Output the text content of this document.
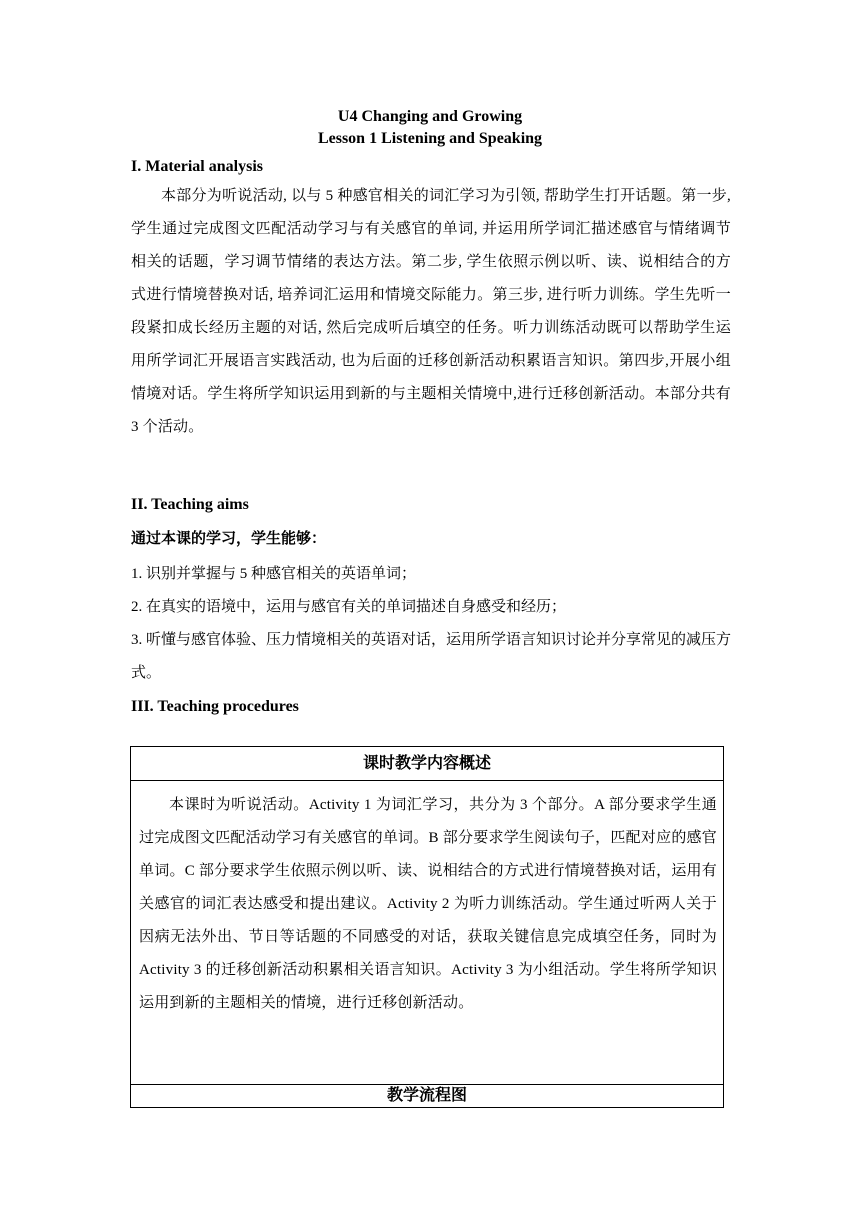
U4 Changing and Growing
Lesson 1 Listening and Speaking
I. Material analysis
本部分为听说活动, 以与 5 种感官相关的词汇学习为引领, 帮助学生打开话题。第一步, 学生通过完成图文匹配活动学习与有关感官的单词, 并运用所学词汇描述感官与情绪调节相关的话题，学习调节情绪的表达方法。第二步, 学生依照示例以听、读、说相结合的方式进行情境替换对话, 培养词汇运用和情境交际能力。第三步, 进行听力训练。学生先听一段紧扣成长经历主题的对话, 然后完成听后填空的任务。听力训练活动既可以帮助学生运用所学词汇开展语言实践活动, 也为后面的迁移创新活动积累语言知识。第四步,开展小组情境对话。学生将所学知识运用到新的与主题相关情境中,进行迁移创新活动。本部分共有 3 个活动。
II. Teaching aims
通过本课的学习，学生能够：
1. 识别并掌握与 5 种感官相关的英语单词；
2. 在真实的语境中，运用与感官有关的单词描述自身感受和经历；
3. 听懂与感官体验、压力情境相关的英语对话，运用所学语言知识讨论并分享常见的减压方式。
III. Teaching procedures
课时教学内容概述
本课时为听说活动。Activity 1 为词汇学习，共分为 3 个部分。A 部分要求学生通过完成图文匹配活动学习有关感官的单词。B 部分要求学生阅读句子，匹配对应的感官单词。C 部分要求学生依照示例以听、读、说相结合的方式进行情境替换对话，运用有关感官的词汇表达感受和提出建议。Activity 2 为听力训练活动。学生通过听两人关于因病无法外出、节日等话题的不同感受的对话，获取关键信息完成填空任务，同时为 Activity 3 的迁移创新活动积累相关语言知识。Activity 3 为小组活动。学生将所学知识运用到新的主题相关的情境，进行迁移创新活动。
教学流程图
